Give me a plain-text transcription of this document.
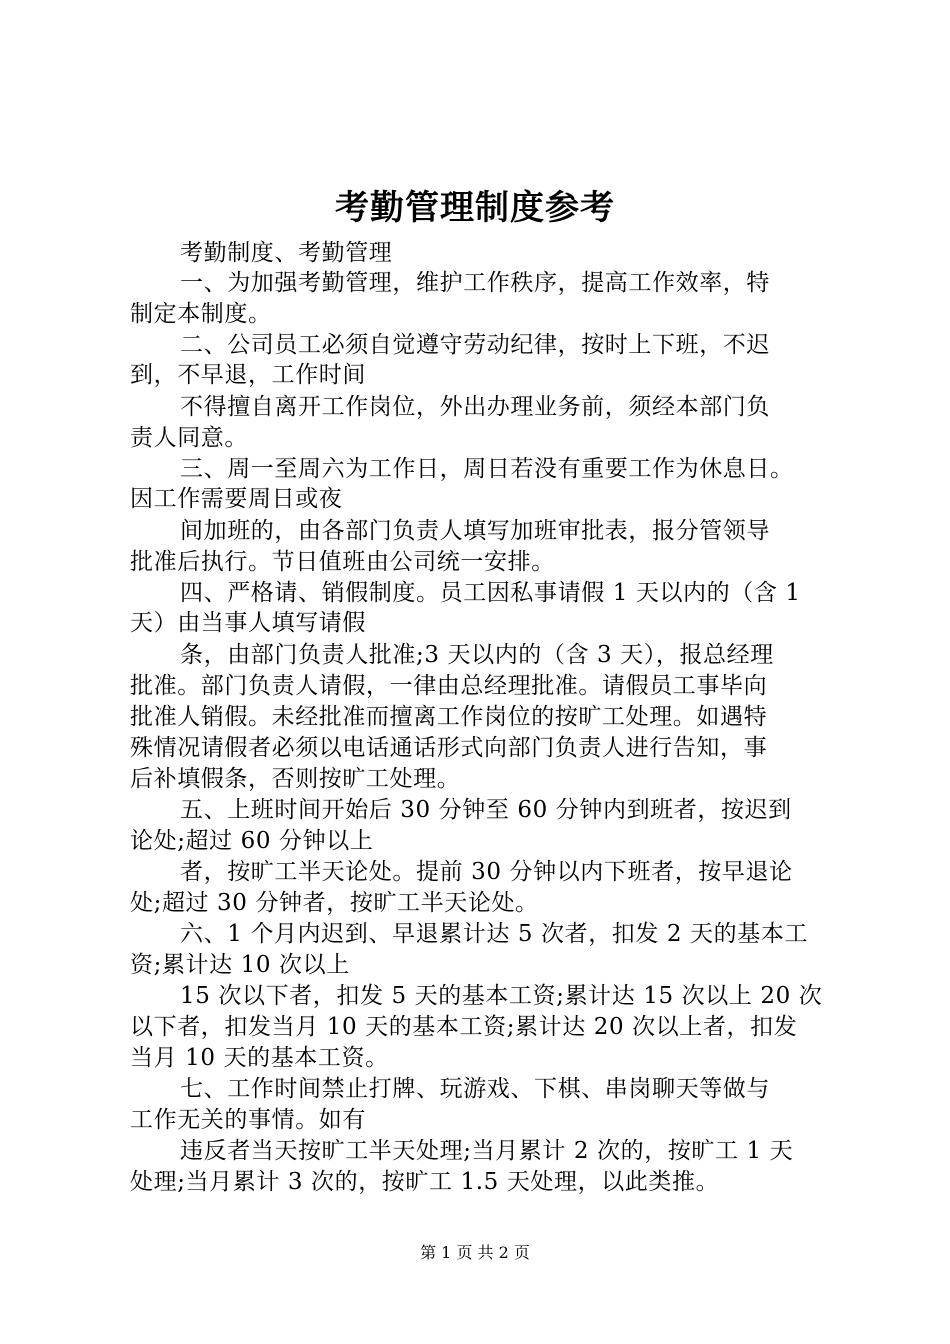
考勤管理制度参考
考勤制度、考勤管理
一、为加强考勤管理，维护工作秩序，提高工作效率，特
制定本制度。
二、公司员工必须自觉遵守劳动纪律，按时上下班，不迟
到，不早退，工作时间
不得擅自离开工作岗位，外出办理业务前，须经本部门负
责人同意。
三、周一至周六为工作日，周日若没有重要工作为休息日。
因工作需要周日或夜
间加班的，由各部门负责人填写加班审批表，报分管领导
批准后执行。节日值班由公司统一安排。
四、严格请、销假制度。员工因私事请假 1 天以内的（含 1
天）由当事人填写请假
条，由部门负责人批准;3 天以内的（含 3 天），报总经理
批准。部门负责人请假，一律由总经理批准。请假员工事毕向
批准人销假。未经批准而擅离工作岗位的按旷工处理。如遇特
殊情况请假者必须以电话通话形式向部门负责人进行告知，事
后补填假条，否则按旷工处理。
五、上班时间开始后 30 分钟至 60 分钟内到班者，按迟到
论处;超过 60 分钟以上
者，按旷工半天论处。提前 30 分钟以内下班者，按早退论
处;超过 30 分钟者，按旷工半天论处。
六、1 个月内迟到、早退累计达 5 次者，扣发 2 天的基本工
资;累计达 10 次以上
15 次以下者，扣发 5 天的基本工资;累计达 15 次以上 20 次
以下者，扣发当月 10 天的基本工资;累计达 20 次以上者，扣发
当月 10 天的基本工资。
七、工作时间禁止打牌、玩游戏、下棋、串岗聊天等做与
工作无关的事情。如有
违反者当天按旷工半天处理;当月累计 2 次的，按旷工 1 天
处理;当月累计 3 次的，按旷工 1.5 天处理，以此类推。
第 1 页 共 2 页
